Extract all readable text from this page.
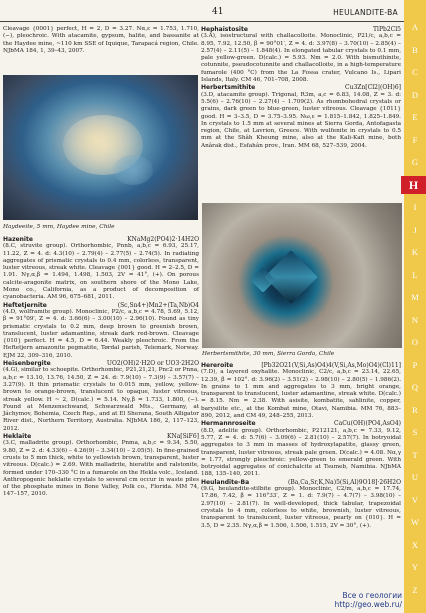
41	HEULANDITE-BA

Cleavage {0001} perfect, H = 2, D = 3.27. Nα,ε = 1.753, 1.710, (−), pleochroic. With atacamite, gypsum, halite, and bassanite at the Haydee mine, ~110 km SSE of Iquique, Tarapacá region, Chile. NJbMA 184, 1, 39–43, 2007.

Haydeeite, 5 mm, Haydee mine, Chile
Hazenite	KNaMg2(PO4)2·14H2O
(8.C, struvite group). Orthorhombic, Pnnb, a,b,c = 6.93, 25.17, 11.22, Z = 4. d: 4.3(10) – 2.79(4) – 2.77(5) – 2.74(5). In radiating aggregates of prismatic crystals to 0.4 mm, colorless, transparent, luster vitreous, streak white. Cleavage {001} good. H = 2–2.5, D = 1.91. Nγ,α,β = 1.494, 1.498, 1.503, 2V = 41°, (+). On porous calcite-aragonite matrix, on southern shore of the Mono Lake, Mono co., California, as a product of decomposition of cyanobacteria. AM 96, 675–681, 2011.
Heftetjernite	(Sc,Sn4+)Mn2+(Ta,Nb)O4
(4.D, wolframite group). Monoclinic, P2/c, a,b,c = 4.78, 5.69, 5.12, β = 91°09′, Z = 4. d: 3.66(6) – 3.00(10) – 2.96(10). Found as tiny prismatic crystals to 0.2 mm, deep brown to greenish brown, translucent, luster adamantine, streak dark red-brown. Cleavage {010} perfect. H = 4.5, D = 6.44. Weakly pleochroic. From the Heftetjern amazonite pegmatite, Tørdal parish, Telemark, Norway. EJM 22, 309–316, 2010.
Heisenbergite	UO2(OH)2·H2O or UO3·2H2O
(4.G), similar to schoepite. Orthorhombic, P21,21,21, Pnc2 or Pnna, a,b,c = 13.10, 13.76, 14.50, Z = 24. d: 7.9(10) – 7.3(9) – 3.57(7) – 3.27(9). It thin prismatic crystals to 0.015 mm, yellow, yellow-brown to orange-brown, translucent to opaque, luster vitreous, streak yellow. H ~ 2, D(calc.) = 5.14. Nγ,β = 1.733, 1.800, (−). Found at Menzenschwand, Schwarzwald Mts., Germany, at Jáchymov, Bohemia, Czech Rep., and at El Sherana, South Alligator River dist., Northern Territory, Australia. NJbMA 186, 2, 117–123, 2012.
Heklaite	KNa[SiF6]
(3.C, malladrite group). Orthorhombic, Pnma, a,b,c = 9.34, 5.50, 9.80, Z = 2. d: 4.33(6) – 4.26(9) – 3.34(10) – 2.05(5). In fine-grained crusts to 5 mm thick, white to yellowish brown, transparent, luster vitreous. D(calc.) = 2.69. With malladrite, hieratite and ralstonite, formed under 170–330 °C in a fumarole on the Hekla volc., Iceland. Anthropogenic heklaite crystals to several cm occur in waste piles of the phosphate mines in Bone Valley, Polk co., Florida. MM 74, 147–157, 2010.
Hephaistosite	TlPb2Cl5
(3.A), isostructural with challacolloite. Monoclinic, P21/c, a,b,c = 8.95, 7.92, 12.50, β = 90°01′, Z = 4. d: 3.97(8) – 3.70(10) – 2.85(4) – 2.57(4) – 2.11(5) – 1.848(4). In elongated tabular crystals to 0.1 mm, pale yellow-green. D(calc.) = 5.93. Nm = 2.0. With bismuthinite, cotunnite, pseudocotunnite and challacolloite, in a high-temperature fumarole (400 °C) from the La Fossa crater, Vulcano Is., Lipari Islands, Italy. CM 46, 701–708, 2008.
Herbertsmithite	Cu3Zn[Cl2|(OH)6]
(3.D, atacamite group). Trigonal, R3m, a,c = 6.83, 14.08, Z = 3. d: 5.5(6) – 2.76(10) – 2.27(4) – 1.709(2). As rhombohedral crystals or grains, dark green to blue-green, luster vitreous. Cleavage {10̄11} good. H = 3–3.5, D = 3.75–3.95. Nω,ε = 1.815–1.842, 1.825–1.849. In crystals to 1.5 mm at several mines at Sierra Gorda, Antofagasta region, Chile, at Lavrion, Greece. With wulfenite in crystals to 0.5 mm at the Shâh Kheung mine, also at the Kali-Kafi mine, both Anârak dist., Esfahân prov., Iran. MM 68, 527–539, 2004.
Herbertsmithite, 30 mm, Sierra Gorda, Chile
Hereroite	[Pb32O21(V,Si,As)O4)4(V,Si,As,Mo)O4)(Cl)11]
(7.D), a layered oxyhalite. Monoclinic, C2/c, a,b,c = 23.14, 22.65, 12.39, β = 102°. d: 3.96(2) – 3.51(2) – 2.98(10) – 2.80(5) – 1.986(2). In grains to 1 mm and aggregates to 3 mm, bright orange, transparent to translucent, luster adamantine, streak white. D(calc.) = 8.15. Nm = 2.38. With asisite, kombatite, sahlinite, copper, barysilite etc., at the Kombat mine, Otavi, Namibia. MM 76, 883–890, 2012, and CM 49, 248–255, 2013.
Hermannroseite	CaCu(OH)(PO4,AsO4)
(8.D, adelite group). Orthorhombic, P212121, a,b,c = 7.33, 9.12, 5.77, Z = 4. d: 5.7(6) – 3.09(6) – 2.81(10) – 2.57(7). In botryoidal aggregates to 3 mm in masses of hydroxylapatite, glassy green, transparent, luster vitreous, streak pale green. D(calc.) = 4.08. Nα,γ = 1.77, strongly pleochroic: yellow-green to emerald green. With botryoidal aggregates of conichalcite at Tsumeb, Namibia. NJbMA 188, 135–140, 2011.
Heulandite-Ba	(Ba,Ca,Sr,K,Na)5(Si,Al)9O18]·26H2O
(9.G, heulandite-stilbite group). Monoclinic, C2/m, a,b,c = 17.74, 17.86, 7.42, β = 116°33′, Z = 1. d: 7.9(7) – 4.7(7) – 3.98(10) – 2.97(10) – 2.81(7). In well-developed, thick tabular, trapezoidal crystals to 4 mm, colorless to white, brownish, luster vitreous, transparent to translucent, luster vitreous, pearly on {010}. H = 3.5, D = 2.35. Nγ,α,β = 1.506, 1.506, 1.515, 2V = 30°, (+).
A
B
C
D
E
F
G
H
I
J
K
L
M
N
O
P
Q
R
S
T
U
V
W
X
Y
Z
Все о геологии
http://geo.web.ru/
